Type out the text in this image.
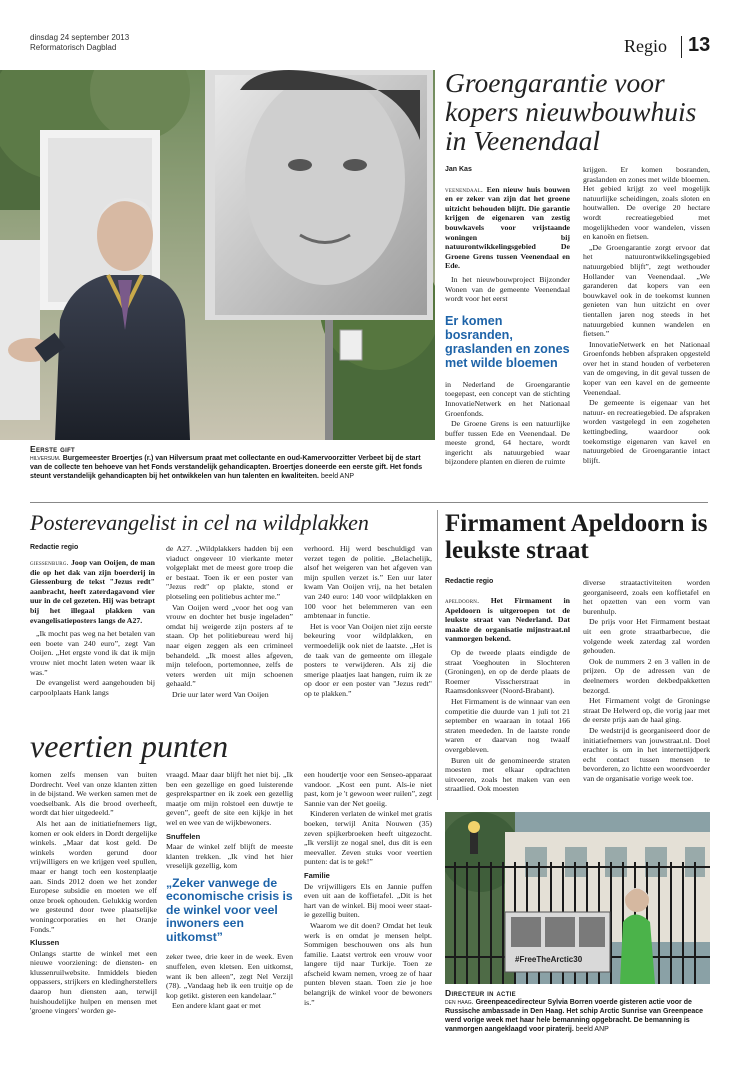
dinsdag 24 september 2013
Reformatorisch Dagblad	Regio 13
Eerste gift
hilversum. Burgemeester Broertjes (r.) van Hilversum praat met collectante en oud-Kamervoorzitter Verbeet bij de start van de collecte ten behoeve van het Fonds verstandelijk gehandicapten. Broertjes doneerde een eerste gift. Het fonds steunt verstandelijk gehandicapten bij het ontwikkelen van hun talenten en kwaliteiten. beeld ANP
Groengarantie voor kopers nieuwbouwhuis in Veenendaal
Jan Kas

veenendaal. Een nieuw huis bouwen en er zeker van zijn dat het groene uitzicht behouden blijft. Die garantie krijgen de eigenaren van zestig bouwkavels voor vrijstaande woningen bij natuurontwikkelingsgebied De Groene Grens tussen Veenendaal en Ede.

In het nieuwbouwproject Bijzonder Wonen van de gemeente Veenendaal wordt voor het eerst

Er komen bosranden, graslanden en zones met wilde bloemen

in Nederland de Groengarantie toegepast, een concept van de stichting InnovatieNetwerk en het Nationaal Groenfonds.

De Groene Grens is een natuurlijke buffer tussen Ede en Veenendaal. De meeste grond, 64 hectare, wordt ingericht als natuurgebied waar bijzondere planten en dieren de ruimte

krijgen. Er komen bosranden, graslanden en zones met wilde bloemen. Het gebied krijgt zo veel mogelijk natuurlijke scheidingen, zoals sloten en houtwallen. De overige 20 hectare wordt recreatiegebied met mogelijkheden voor wandelen, vissen en kanoën en fietsen.

„De Groengarantie zorgt ervoor dat het natuurontwikkelingsgebied natuurgebied blijft”, zegt wethouder Hollander van Veenendaal. „We garanderen dat kopers van een bouwkavel ook in de toekomst kunnen genieten van hun uitzicht en over tientallen jaren nog steeds in het natuurgebied kunnen wandelen en fietsen.”

InnovatieNetwerk en het Nationaal Groenfonds hebben afspraken opgesteld over het in stand houden of verbeteren van de omgeving, in dit geval tussen de koper van een kavel en de gemeente Veenendaal.

De gemeente is eigenaar van het natuur- en recreatiegebied. De afspraken worden vastgelegd in een zogeheten kettingbeding, waardoor ook toekomstige eigenaren van kavel en natuurgebied de Groengarantie intact blijft.

Posterevangelist in cel na wildplakken
Redactie regio

giessenburg. Joop van Ooijen, de man die op het dak van zijn boerderij in Giessenburg de tekst "Jezus redt" aanbracht, heeft zaterdagavond vier uur in de cel gezeten. Hij was betrapt bij het illegaal plakken van evangelisatieposters langs de A27.

„Ik mocht pas weg na het betalen van een boete van 240 euro”, zegt Van Ooijen. „Het ergste vond ik dat ik mijn vrouw niet mocht laten weten waar ik was.”

De evangelist werd aangehouden bij carpoolplaats Hank langs

de A27. „Wildplakkers hadden bij een viaduct ongeveer 10 vierkante meter volgeplakt met de meest gore troep die er bestaat. Toen ik er een poster van "Jezus redt" op plakte, stond er plotseling een politiebus achter me.”

Van Ooijen werd „voor het oog van vrouw en dochter het busje ingeladen” omdat hij weigerde zijn posters af te staan. Op het politiebureau werd hij naar eigen zeggen als een crimineel behandeld. „Ik moest alles afgeven, mijn telefoon, portemonnee, zelfs de veters werden uit mijn schoenen gehaald.”

Drie uur later werd Van Ooijen

verhoord. Hij werd beschuldigd van verzet tegen de politie. „Belachelijk, alsof het weigeren van het afgeven van mijn spullen verzet is.” Een uur later kwam Van Ooijen vrij, na het betalen van 240 euro: 140 voor wildplakken en 100 voor het belemmeren van een ambtenaar in functie.

Het is voor Van Ooijen niet zijn eerste bekeuring voor wildplakken, en vermoedelijk ook niet de laatste. „Het is de taak van de gemeente om illegale posters te verwijderen. Als zij die smerige plaatjes laat hangen, ruim ik ze op door er een poster van "Jezus redt" op te plakken.”

Firmament Apeldoorn is leukste straat
Redactie regio

apeldoorn. Het Firmament in Apeldoorn is uitgeroepen tot de leukste straat van Nederland. Dat maakte de organisatie mijnstraat.nl vanmorgen bekend.

Op de tweede plaats eindigde de straat Voeghouten in Slochteren (Groningen), en op de derde plaats de Roemer Visscherstraat in Raamsdonksveer (Noord-Brabant).

Het Firmament is de winnaar van een competitie die duurde van 1 juli tot 21 september en waaraan in totaal 166 straten meededen. In de laatste ronde waren er daarvan nog twaalf overgebleven.

Buren uit de genomineerde straten moesten met elkaar opdrachten uitvoeren, zoals het maken van een straatlied. Ook moesten

diverse straatactiviteiten worden georganiseerd, zoals een koffietafel en het opzetten van een vorm van burenhulp.

De prijs voor Het Firmament bestaat uit een grote straatbarbecue, die volgende week zaterdag zal worden gehouden.

Ook de nummers 2 en 3 vallen in de prijzen. Op de adressen van de deelnemers worden dekbedpakketten bezorgd.

Het Firmament volgt de Groningse straat De Helwerd op, die vorig jaar met de eerste prijs aan de haal ging.

De wedstrijd is georganiseerd door de initiatiefnemers van jouwstraat.nl. Doel erachter is om in het internettijdperk echt contact tussen mensen te bevorderen, zo lichtte een woordvoerder van de organisatie vorige week toe.

#FreeTheArctic30
Directeur in actie
den haag. Greenpeacedirecteur Sylvia Borren voerde gisteren actie voor de Russische ambassade in Den Haag. Het schip Arctic Sunrise van Greenpeace werd vorige week met haar hele bemanning opgebracht. De bemanning is vanmorgen aangeklaagd voor piraterij. beeld ANP
veertien punten

komen zelfs mensen van buiten Dordrecht. Veel van onze klanten zitten in de bijstand. We werken samen met de voedselbank. Als die brood overheeft, wordt dat hier uitgedeeld.”

Als het aan de initiatiefnemers ligt, komen er ook elders in Dordt dergelijke winkels. „Maar dat kost geld. De winkels worden gerund door vrijwilligers en we krijgen veel spullen, maar er hangt toch een kostenplaatje aan. Sinds 2012 doen we het zonder Europese subsidie en moeten we elf onze broek ophouden. Gelukkig worden we gesteund door twee plaatselijke woningcorporaties en het Oranje Fonds.”

Klussen

Onlangs startte de winkel met een nieuwe voorziening: de diensten- en klussenruilwebsite. Inmiddels bieden oppassers, strijkers en kledingherstellers daarop hun diensten aan, terwijl huishoudelijke hulpen en mensen met 'groene vingers' worden ge-

vraagd. Maar daar blijft het niet bij. „Ik ben een gezellige en goed luisterende gesprekspartner en ik zoek een gezellig maatje om mijn rolstoel een duwtje te geven”, geeft de site een kijkje in het wel en wee van de wijkbewoners.

Snuffelen

Maar de winkel zelf blijft de meeste klanten trekken. „Ik vind het hier vreselijk gezellig, kom

„Zeker vanwege de economische crisis is de winkel voor veel inwoners een uitkomst”

zeker twee, drie keer in de week. Even snuffelen, even kletsen. Een uitkomst, want ik ben alleen”, zegt Nel Verzijl (78). „Vandaag heb ik een truitje op de kop getikt. gisteren een kandelaar.”

Een andere klant gaat er met

een houdertje voor een Senseo-apparaat vandoor. „Kost een punt. Als-ie niet past, kom je 't gewoon weer ruilen”, zegt Sannie van der Net goeiig.

Kinderen verlaten de winkel met gratis boeken, terwijl Anita Nouwen (35) zeven spijkerbroeken heeft uitgezocht. „Ik verslijt ze nogal snel, dus dit is een meevaller. Zeven stuks voor veertien punten: dat is te gek!”

Familie

De vrijwilligers Els en Jannie puffen even uit aan de koffietafel. „Dit is het hart van de winkel. Bij mooi weer staat-ie gezellig buiten.

Waarom we dit doen? Omdat het leuk werk is en omdat je mensen helpt. Sommigen beschouwen ons als hun familie. Laatst vertrok een vrouw voor langere tijd naar Turkije. Toen ze afscheid kwam nemen, vroeg ze of haar punten bleven staan. Toen zie je hoe belangrijk de winkel voor de bewoners is.”
